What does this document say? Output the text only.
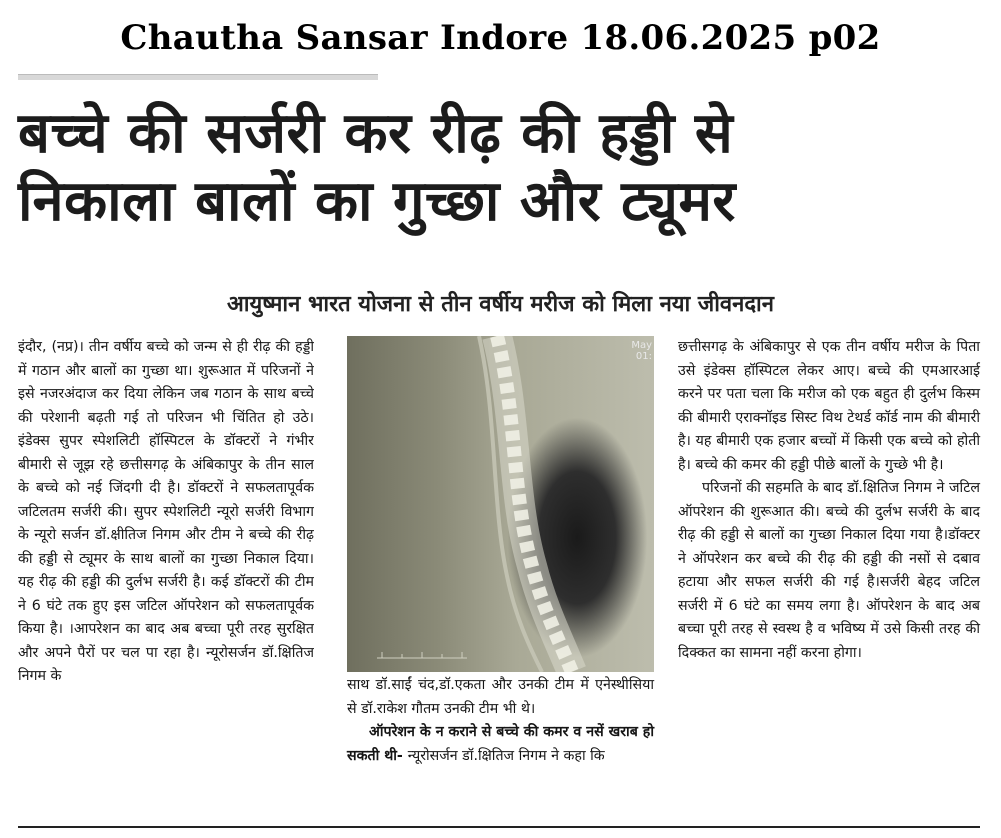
Chautha Sansar Indore 18.06.2025 p02
बच्चे की सर्जरी कर रीढ़ की हड्डी से
निकाला बालों का गुच्छा और ट्यूमर
आयुष्मान भारत योजना से तीन वर्षीय मरीज को मिला नया जीवनदान

इंदौर, (नप्र)। तीन वर्षीय बच्चे को जन्म से ही रीढ़ की हड्डी में गठान और बालों का गुच्छा था। शुरूआत में परिजनों ने इसे नजरअंदाज कर दिया लेकिन जब गठान के साथ बच्चे की परेशानी बढ़ती गई तो परिजन भी चिंतित हो उठे। इंडेक्स सुपर स्पेशलिटी हॉस्पिटल के डॉक्टरों ने गंभीर बीमारी से जूझ रहे छत्तीसगढ़ के अंबिकापुर के तीन साल के बच्चे को नई जिंदगी दी है। डॉक्टरों ने सफलतापूर्वक जटिलतम सर्जरी की। सुपर स्पेशलिटी न्यूरो सर्जरी विभाग के न्यूरो सर्जन डॉ.क्षीतिज निगम और टीम ने बच्चे की रीढ़ की हड्डी से ट्यूमर के साथ बालों का गुच्छा निकाल दिया। यह रीढ़ की हड्डी की दुर्लभ सर्जरी है। कई डॉक्टरों की टीम ने 6 घंटे तक हुए इस जटिल ऑपरेशन को सफलतापूर्वक किया है। ।आपरेशन का बाद अब बच्चा पूरी तरह सुरक्षित और अपने पैरों पर चल पा रहा है। न्यूरोसर्जन डॉ.क्षितिज निगम के

May
01:

साथ डॉ.साईं चंद,डॉ.एकता और उनकी टीम में एनेस्थीसिया से डॉ.राकेश गौतम उनकी टीम भी थे।

ऑपरेशन के न कराने से बच्चे की कमर व नसें खराब हो सकती थी- न्यूरोसर्जन डॉ.क्षितिज निगम ने कहा कि

छत्तीसगढ़ के अंबिकापुर से एक तीन वर्षीय मरीज के पिता उसे इंडेक्स हॉस्पिटल लेकर आए। बच्चे की एमआरआई करने पर पता चला कि मरीज को एक बहुत ही दुर्लभ किस्म की बीमारी एराक्नॉइड सिस्ट विथ टेथर्ड कॉर्ड नाम की बीमारी है। यह बीमारी एक हजार बच्चों में किसी एक बच्चे को होती है। बच्चे की कमर की हड्डी पीछे बालों के गुच्छे भी है।

परिजनों की सहमति के बाद डॉ.क्षितिज निगम ने जटिल ऑपरेशन की शुरूआत की। बच्चे की दुर्लभ सर्जरी के बाद रीढ़ की हड्डी से बालों का गुच्छा निकाल दिया गया है।डॉक्टर ने ऑपरेशन कर बच्चे की रीढ़ की हड्डी की नसों से दबाव हटाया और सफल सर्जरी की गई है।सर्जरी बेहद जटिल सर्जरी में 6 घंटे का समय लगा है। ऑपरेशन के बाद अब बच्चा पूरी तरह से स्वस्थ है व भविष्य में उसे किसी तरह की दिक्कत का सामना नहीं करना होगा।
